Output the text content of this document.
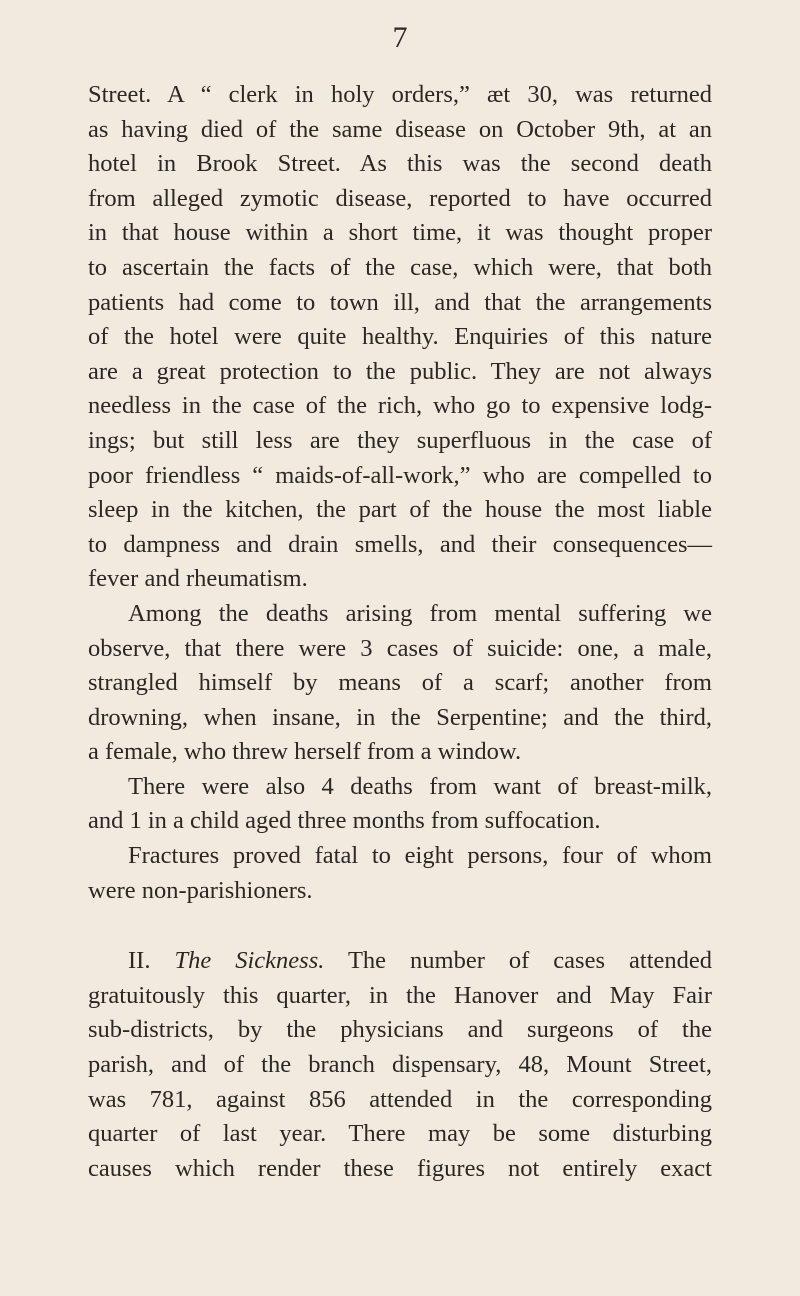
7
Street. A “ clerk in holy orders,” æt 30, was returned
as having died of the same disease on October 9th, at an
hotel in Brook Street. As this was the second death
from alleged zymotic disease, reported to have occurred
in that house within a short time, it was thought proper
to ascertain the facts of the case, which were, that both
patients had come to town ill, and that the arrangements
of the hotel were quite healthy. Enquiries of this nature
are a great protection to the public. They are not always
needless in the case of the rich, who go to expensive lodg-
ings; but still less are they superfluous in the case of
poor friendless “ maids-of-all-work,” who are compelled to
sleep in the kitchen, the part of the house the most liable
to dampness and drain smells, and their consequences—
fever and rheumatism.
Among the deaths arising from mental suffering we
observe, that there were 3 cases of suicide: one, a male,
strangled himself by means of a scarf; another from
drowning, when insane, in the Serpentine; and the third,
a female, who threw herself from a window.
There were also 4 deaths from want of breast-milk,
and 1 in a child aged three months from suffocation.
Fractures proved fatal to eight persons, four of whom
were non-parishioners.
II. The Sickness. The number of cases attended
gratuitously this quarter, in the Hanover and May Fair
sub-districts, by the physicians and surgeons of the
parish, and of the branch dispensary, 48, Mount Street,
was 781, against 856 attended in the corresponding
quarter of last year. There may be some disturbing
causes which render these figures not entirely exact
